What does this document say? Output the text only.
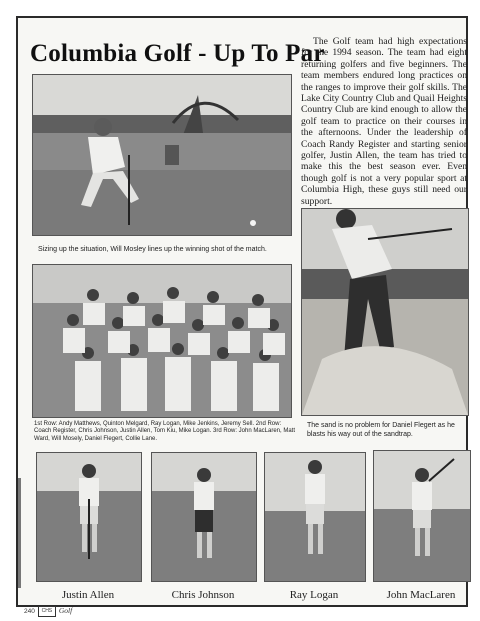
Columbia Golf - Up To Par
The Golf team had high expectations for the 1994 season. The team had eight returning golfers and five beginners. The team members endured long practices on the ranges to improve their golf skills. The Lake City Country Club and Quail Heights Country Club are kind enough to allow the golf team to practice on their courses in the afternoons. Under the leadership of Coach Randy Register and starting senior golfer, Justin Allen, the team has tried to make this the best season ever. Even though golf is not a very popular sport at Columbia High, these guys still need our support.
Sizing up the situation, Will Mosley lines up the winning shot of the match.
The sand is no problem for Daniel Flegert as he blasts his way out of the sandtrap.
1st Row: Andy Matthews, Quinton Melgard, Ray Logan, Mike Jenkins, Jeremy Sell. 2nd Row: Coach Register, Chris Johnson, Justin Allen, Tom Kiu, Mike Logan. 3rd Row: John MacLaren, Matt Ward, Will Mosely, Daniel Flegert, Collie Lane.
Justin Allen	Chris Johnson	Ray Logan	John MacLaren
240 CHS Golf
